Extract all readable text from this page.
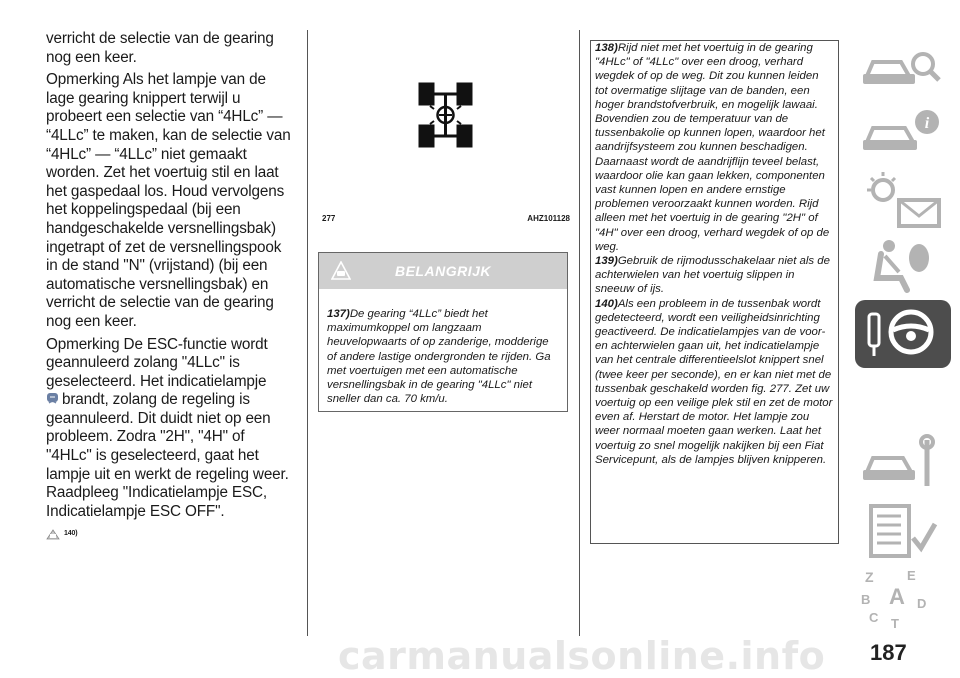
verricht de selectie van de gearing nog een keer.

Opmerking Als het lampje van de lage gearing knippert terwijl u probeert een selectie van “4HLc” — “4LLc” te maken, kan de selectie van “4HLc” — “4LLc” niet gemaakt worden. Zet het voertuig stil en laat het gaspedaal los. Houd vervolgens het koppelingspedaal (bij een handgeschakelde versnellingsbak) ingetrapt of zet de versnellingspook in de stand "N" (vrijstand) (bij een automatische versnellingsbak) en verricht de selectie van de gearing nog een keer.

Opmerking De ESC-functie wordt geannuleerd zolang "4LLc" is geselecteerd. Het indicatielampje
brandt, zolang de regeling is geannuleerd. Dit duidt niet op een probleem. Zodra "2H", "4H" of "4HLc" is geselecteerd, gaat het lampje uit en werkt de regeling weer. Raadpleeg "Indicatielampje ESC, Indicatielampje ESC OFF".

140)
277	AHZ101128
BELANGRIJK
137)De gearing “4LLc” biedt het maximumkoppel om langzaam heuvelopwaarts of op zanderige, modderige of andere lastige ondergronden te rijden. Ga met voertuigen met een automatische versnellingsbak in de gearing "4LLc" niet sneller dan ca. 70 km/u.

138)Rijd niet met het voertuig in de gearing "4HLc" of "4LLc" over een droog, verhard wegdek of op de weg. Dit zou kunnen leiden tot overmatige slijtage van de banden, een hoger brandstofverbruik, en mogelijk lawaai. Bovendien zou de temperatuur van de tussenbakolie op kunnen lopen, waardoor het aandrijfsysteem zou kunnen beschadigen. Daarnaast wordt de aandrijflijn teveel belast, waardoor olie kan gaan lekken, componenten vast kunnen lopen en andere ernstige problemen veroorzaakt kunnen worden. Rijd alleen met het voertuig in de gearing "2H" of "4H" over een droog, verhard wegdek of op de weg.

139)Gebruik de rijmodusschakelaar niet als de achterwielen van het voertuig slippen in sneeuw of ijs.

140)Als een probleem in de tussenbak wordt gedetecteerd, wordt een veiligheidsinrichting geactiveerd. De indicatielampjes van de voor- en achterwielen gaan uit, het indicatielampje van het centrale differentieelslot knippert snel (twee keer per seconde), en er kan niet met de tussenbak geschakeld worden fig. 277. Zet uw voertuig op een veilige plek stil en zet de motor even af. Herstart de motor. Het lampje zou weer normaal moeten gaan werken. Laat het voertuig zo snel mogelijk nakijken bij een Fiat Servicepunt, als de lampjes blijven knipperen.

i
Z	E
B A D
C T
187
carmanualsonline.info
